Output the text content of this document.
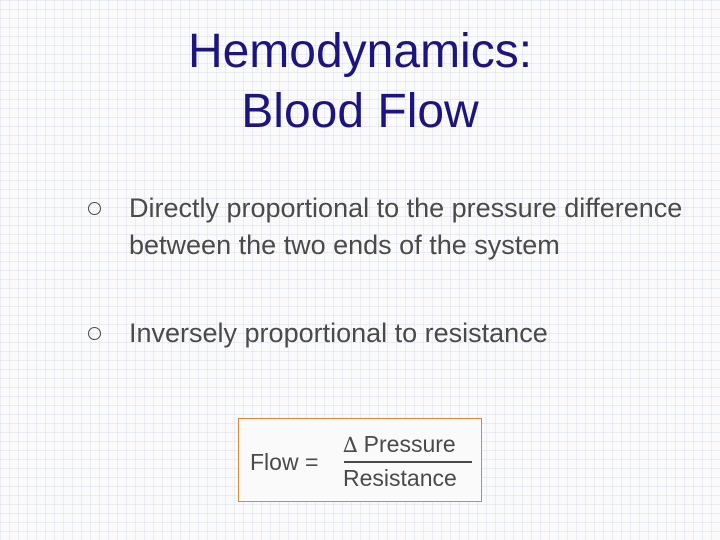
Hemodynamics:
Blood Flow
Directly proportional to the pressure difference between the two ends of the system
Inversely proportional to resistance
Flow =
∆ Pressure
Resistance
